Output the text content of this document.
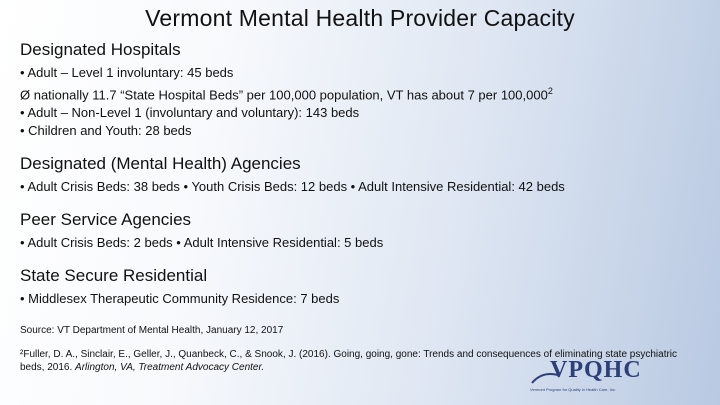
Vermont Mental Health Provider Capacity
Designated Hospitals
• Adult – Level 1 involuntary: 45 beds
Ø nationally 11.7 “State Hospital Beds” per 100,000 population, VT has about 7 per 100,000$^2$
• Adult – Non-Level 1 (involuntary and voluntary): 143 beds
• Children and Youth: 28 beds
Designated (Mental Health) Agencies
• Adult Crisis Beds: 38 beds • Youth Crisis Beds: 12 beds • Adult Intensive Residential: 42 beds
Peer Service Agencies
• Adult Crisis Beds: 2 beds • Adult Intensive Residential: 5 beds
State Secure Residential
• Middlesex Therapeutic Community Residence: 7 beds
Source: VT Department of Mental Health, January 12, 2017
²Fuller, D. A., Sinclair, E., Geller, J., Quanbeck, C., & Snook, J. (2016). Going, going, gone: Trends and consequences of eliminating state psychiatric beds, 2016. Arlington, VA, Treatment Advocacy Center.	VPQHC
Vermont Program for Quality in Health Care, Inc.
